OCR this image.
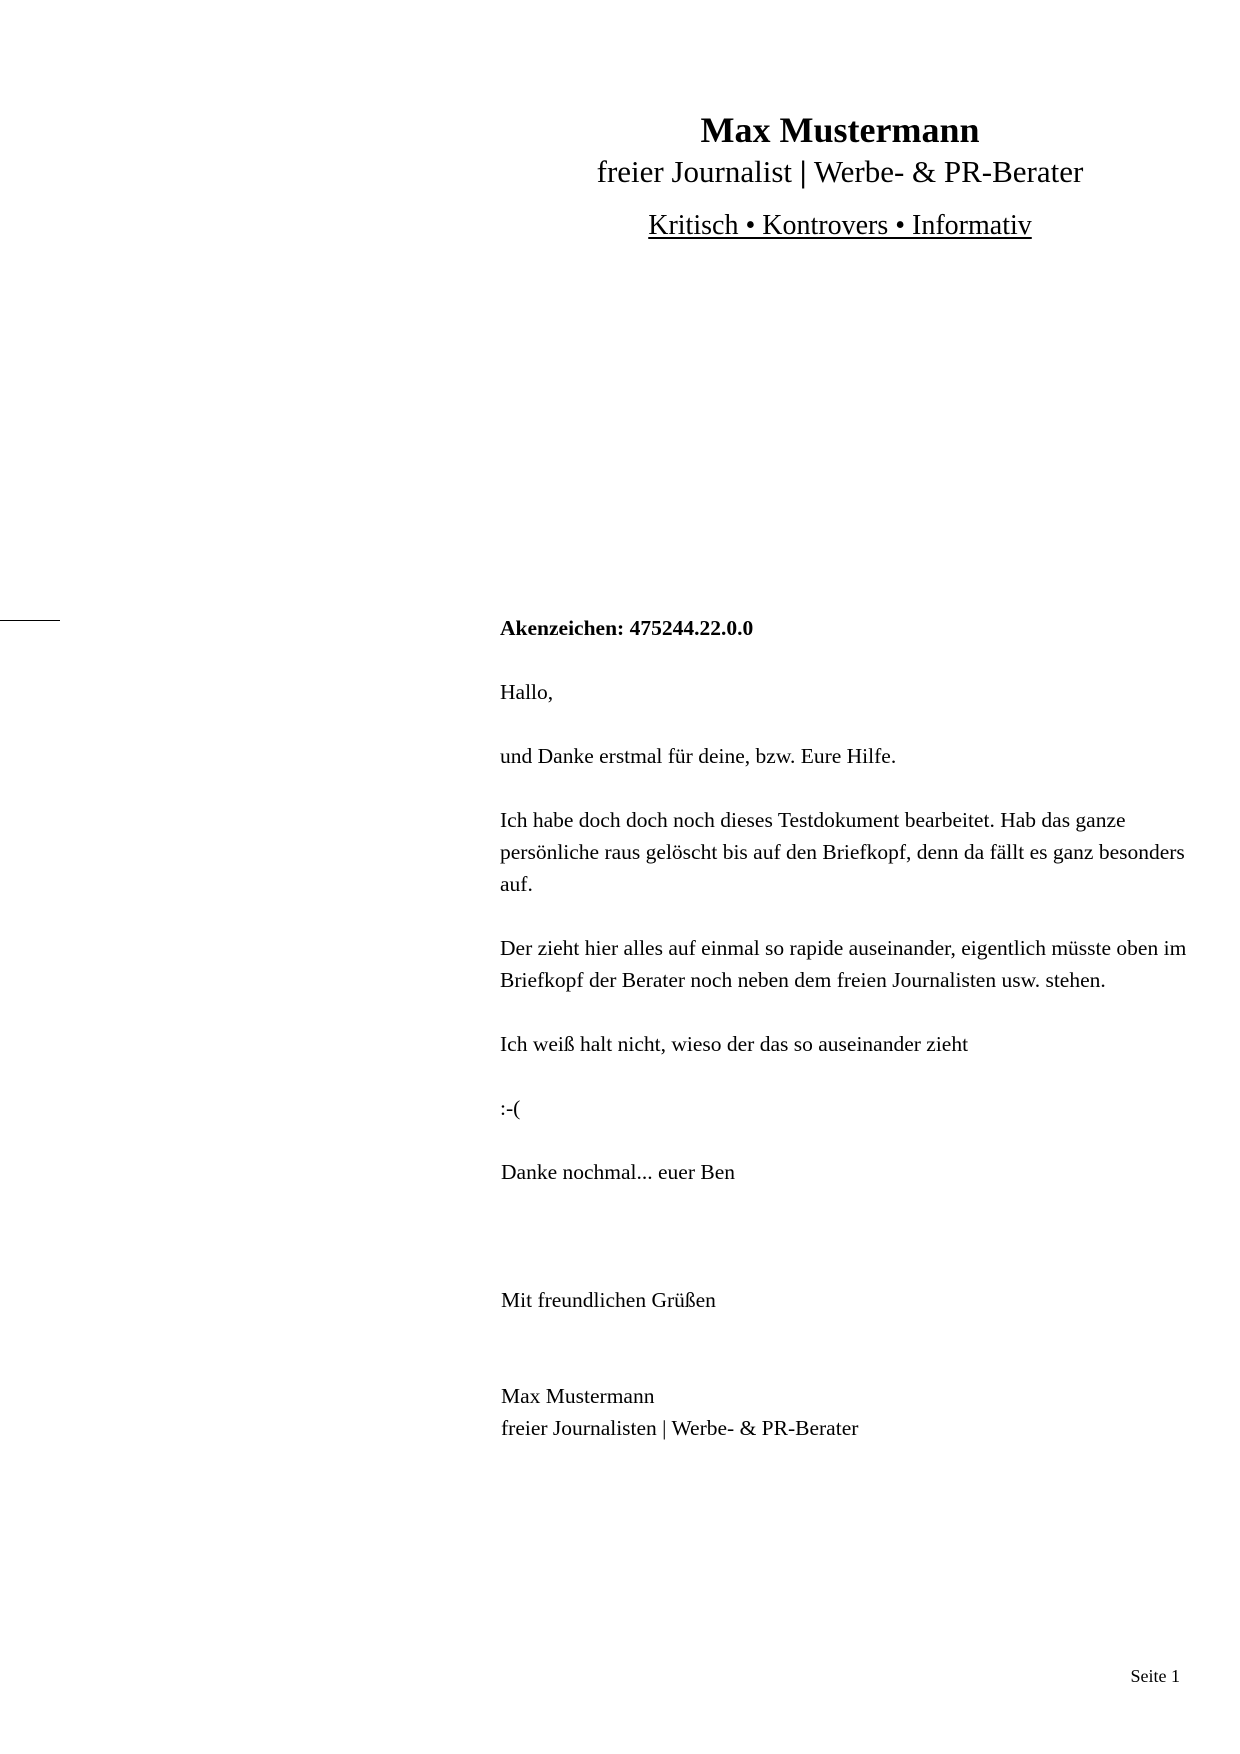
Max Mustermann
freier Journalist | Werbe- & PR-Berater
Kritisch • Kontrovers • Informativ

Akenzeichen: 475244.22.0.0

Hallo,

und Danke erstmal für deine, bzw. Eure Hilfe.

Ich habe doch doch noch dieses Testdokument bearbeitet. Hab das ganze persönliche raus gelöscht bis auf den Briefkopf, denn da fällt es ganz besonders auf.

Der zieht hier alles auf einmal so rapide auseinander, eigentlich müsste oben im Briefkopf der Berater noch neben dem freien Journalisten usw. stehen.

Ich weiß halt nicht, wieso der das so auseinander zieht

:-(

Danke nochmal... euer Ben

Mit freundlichen Grüßen

Max Mustermann

freier Journalisten | Werbe- & PR-Berater

Seite 1
